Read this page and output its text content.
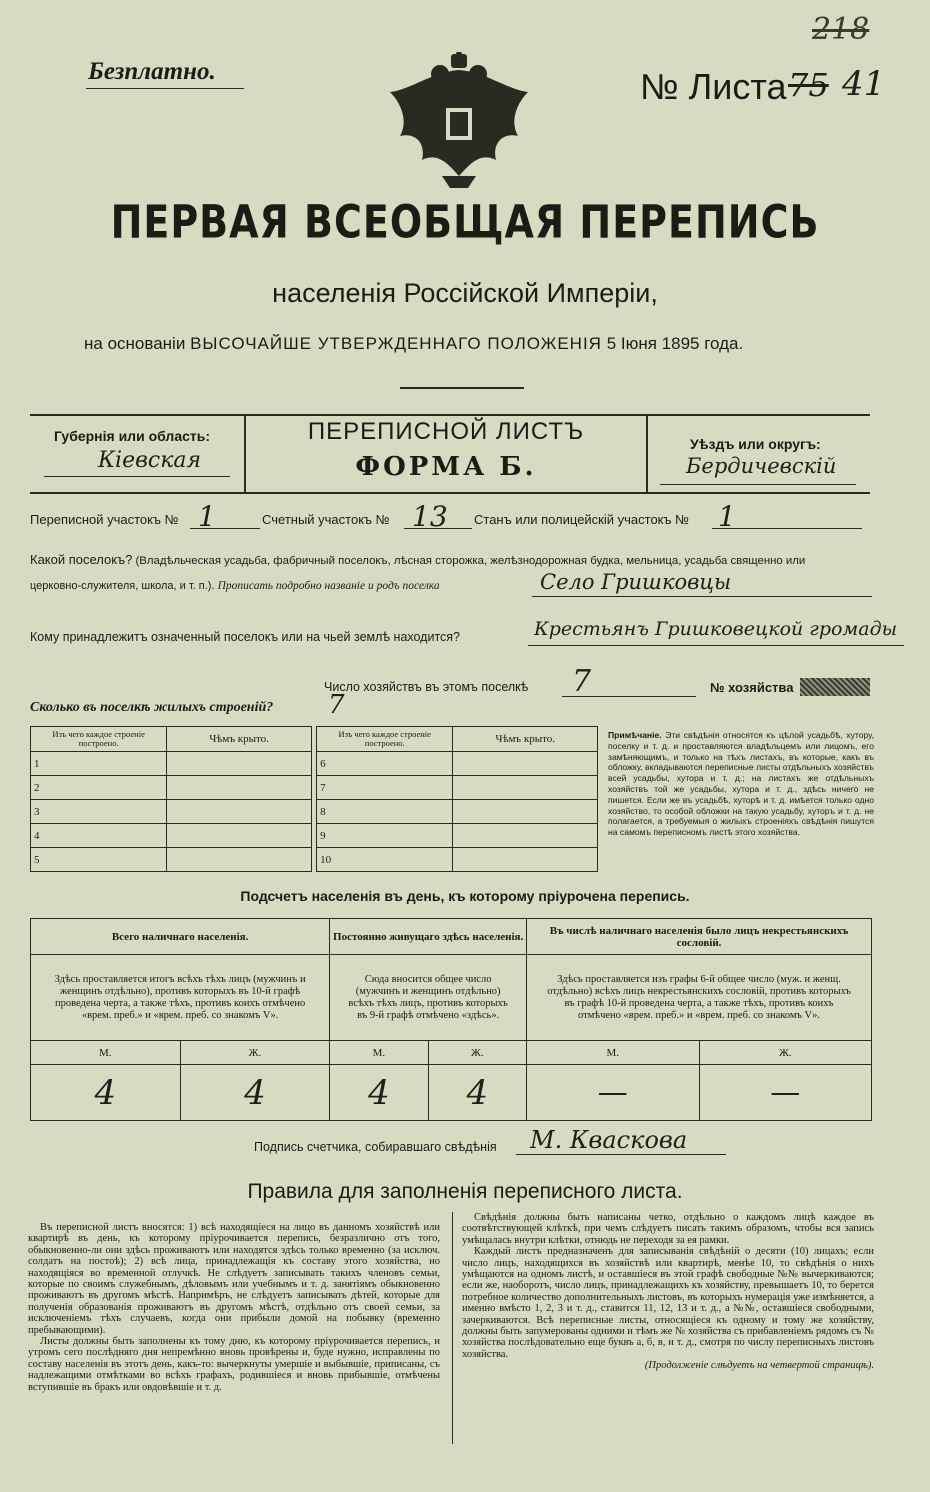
Безплатно.	№ Листа 75 41
218
ПЕРВАЯ ВСЕОБЩАЯ ПЕРЕПИСЬ
населенія Россійской Имперіи,
на основаніи ВЫСОЧАЙШЕ УТВЕРЖДЕННАГО ПОЛОЖЕНІЯ 5 Іюня 1895 года.
Губернія или область:
Кiевская
ПЕРЕПИСНОЙ ЛИСТЪ
ФОРМА Б.
Уѣздъ или округъ:
Бердичевскій
Переписной участокъ № 1	Счетный участокъ № 13 Станъ или полицейскій участокъ № 1
Какой поселокъ? (Владѣльческая усадьба, фабричный поселокъ, лѣсная сторожка, желѣзнодорожная будка, мельница, усадьба священно или
церковно-служителя, школа, и т. п.). Прописать подробно названіе и родъ поселка	Село Гришковцы
Кому принадлежитъ означенный поселокъ или на чьей землѣ находится?	Крестьянъ Гришковецкой громады
Число хозяйствъ въ этомъ поселкѣ 7	№ хозяйства
Сколько въ поселкѣ жилыхъ строеній? 7
Изъ чего каждое строеніе построено.	Чѣмъ крыто.		Изъ чего каждое строеніе построено.	Чѣмъ крыто.
1			6	
2			7	
3			8	
4			9	
5			10	
Примѣчаніе. Эти свѣдѣнія относятся къ цѣлой усадьбѣ, хутору, поселку и т. д. и проставляются владѣльцемъ или лицомъ, его замѣняющимъ, и только на тѣхъ листахъ, въ которые, какъ въ обложку, вкладываются переписные листы отдѣльныхъ хозяйствъ всей усадьбы, хутора и т. д.; на листахъ же отдѣльныхъ хозяйствъ той же усадьбы, хутора и т. д., здѣсь ничего не пишется. Если же въ усадьбѣ, хуторѣ и т. д. имѣется только одно хозяйство, то особой обложки на такую усадьбу, хуторъ и т. д. не полагается, а требуемыя о жилыхъ строеніяхъ свѣдѣнія пишутся на самомъ переписномъ листѣ этого хозяйства.
Подсчетъ населенія въ день, къ которому пріурочена перепись.
Всего наличнаго населенія.		Постоянно живущаго здѣсь населенія.		Въ числѣ наличнаго населенія было лицъ некрестьянскихъ сословій.	
Здѣсь проставляется итогъ всѣхъ тѣхъ лицъ (мужчинъ и женщинъ отдѣльно), противъ которыхъ въ 10-й графѣ проведена черта, а также тѣхъ, противъ коихъ отмѣчено «врем. преб.» и «врем. преб. со знакомъ V».		Сюда вносится общее число (мужчинъ и женщинъ отдѣльно) всѣхъ тѣхъ лицъ, противъ которыхъ въ 9-й графѣ отмѣчено «здѣсь».		Здѣсь проставляется изъ графы 6-й общее число (муж. и женщ. отдѣльно) всѣхъ лицъ некрестьянскихъ сословій, противъ которыхъ въ графѣ 10-й проведена черта, а также тѣхъ, противъ коихъ отмѣчено «врем. преб.» и «врем. преб. со знакомъ V».	
М.	Ж.	М.	Ж.	М.	Ж.
4	4	4	4	—	—
Подпись счетчика, собиравшаго свѣдѣнія М. Кваскова
Правила для заполненія переписного листа.

Въ переписной листъ вносятся: 1) всѣ находящіеся на лицо въ данномъ хозяйствѣ или квартирѣ въ день, къ которому пріурочивается перепись, безразлично отъ того, обыкновенно-ли они здѣсь проживаютъ или находятся здѣсь только временно (за исключ. солдатъ на постоѣ); 2) всѣ лица, принадлежащія къ составу этого хозяйства, но находящіяся во временной отлучкѣ. Не слѣдуетъ записывать такихъ членовъ семьи, которые по своимъ служебнымъ, дѣловымъ или учебнымъ и т. д. занятіямъ обыкновенно проживаютъ въ другомъ мѣстѣ. Напримѣръ, не слѣдуетъ записывать дѣтей, которые для полученія образованія проживаютъ въ другомъ мѣстѣ, отдѣльно отъ своей семьи, за исключеніемъ тѣхъ случаевъ, когда они прибыли домой на побывку (временно пребывающими).

Листы должны быть заполнены къ тому дню, къ которому пріурочивается перепись, и утромъ сего послѣдняго дня непремѣнно вновь провѣрены и, буде нужно, исправлены по составу населенія въ этотъ день, какъ-то: вычеркнуты умершіе и выбывшіе, приписаны, съ надлежащими отмѣтками во всѣхъ графахъ, родившіеся и вновь прибывшіе, отмѣчены вступившіе въ бракъ или овдовѣвшіе и т. д.

Свѣдѣнія должны быть написаны четко, отдѣльно о каждомъ лицѣ каждое въ соотвѣтствующей клѣткѣ, при чемъ слѣдуетъ писать такимъ образомъ, чтобы вся запись умѣщалась внутри клѣтки, отнюдь не переходя за ея рамки.

Каждый листъ предназначенъ для записыванія свѣдѣній о десяти (10) лицахъ; если число лицъ, находящихся въ хозяйствѣ или квартирѣ, менѣе 10, то свѣдѣнія о нихъ умѣщаются на одномъ листѣ, и оставшіеся въ этой графѣ свободные №№ вычеркиваются; если же, наоборотъ, число лицъ, принадлежащихъ къ хозяйству, превышаетъ 10, то берется потребное количество дополнительныхъ листовъ, въ которыхъ нумерація уже измѣняется, а именно вмѣсто 1, 2, 3 и т. д., ставится 11, 12, 13 и т. д., а №№, оставшіеся свободными, зачеркиваются. Всѣ переписные листы, относящіеся къ одному и тому же хозяйству, должны быть запумерованы одними и тѣмъ же № хозяйства съ прибавленіемъ рядомъ съ № хозяйства послѣдовательно еще буквъ а, б, в, и т. д., смотря по числу переписныхъ листовъ хозяйства.

(Продолженіе слѣдуетъ на четвертой страницѣ).
